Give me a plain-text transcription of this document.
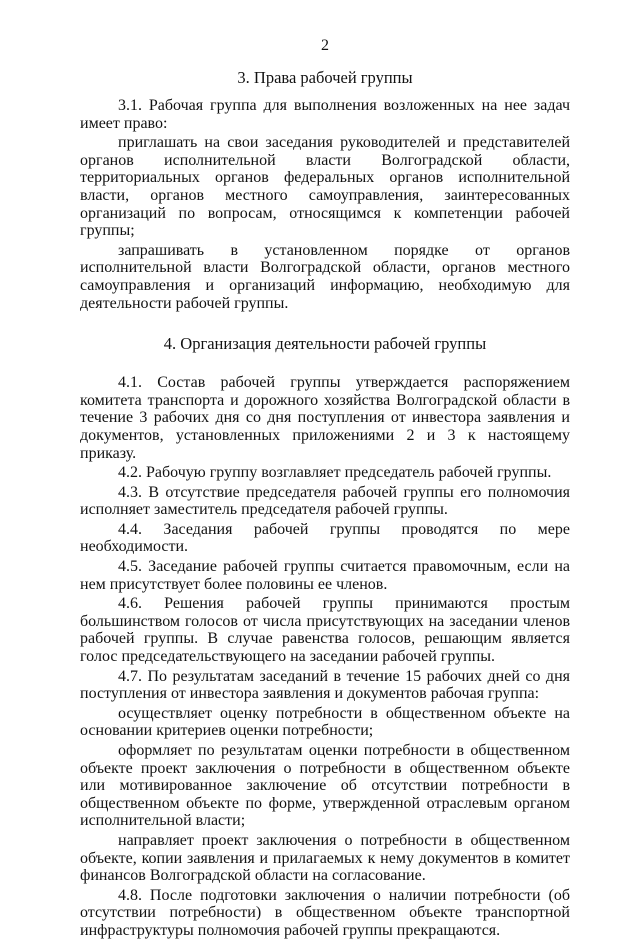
2
3. Права рабочей группы

3.1. Рабочая группа для выполнения возложенных на нее задач имеет право:

приглашать на свои заседания руководителей и представителей органов исполнительной власти Волгоградской области, территориальных органов федеральных органов исполнительной власти, органов местного самоуправления, заинтересованных организаций по вопросам, относящимся к компетенции рабочей группы;

запрашивать в установленном порядке от органов исполнительной власти Волгоградской области, органов местного самоуправления и организаций информацию, необходимую для деятельности рабочей группы.

4. Организация деятельности рабочей группы

4.1. Состав рабочей группы утверждается распоряжением комитета транспорта и дорожного хозяйства Волгоградской области в течение 3 рабочих дня со дня поступления от инвестора заявления и документов, установленных приложениями 2 и 3 к настоящему приказу.

4.2. Рабочую группу возглавляет председатель рабочей группы.

4.3. В отсутствие председателя рабочей группы его полномочия исполняет заместитель председателя рабочей группы.

4.4. Заседания рабочей группы проводятся по мере необходимости.

4.5. Заседание рабочей группы считается правомочным, если на нем присутствует более половины ее членов.

4.6. Решения рабочей группы принимаются простым большинством голосов от числа присутствующих на заседании членов рабочей группы. В случае равенства голосов, решающим является голос председательствующего на заседании рабочей группы.

4.7. По результатам заседаний в течение 15 рабочих дней со дня поступления от инвестора заявления и документов рабочая группа:

осуществляет оценку потребности в общественном объекте на основании критериев оценки потребности;

оформляет по результатам оценки потребности в общественном объекте проект заключения о потребности в общественном объекте или мотивированное заключение об отсутствии потребности в общественном объекте по форме, утвержденной отраслевым органом исполнительной власти;

направляет проект заключения о потребности в общественном объекте, копии заявления и прилагаемых к нему документов в комитет финансов Волгоградской области на согласование.

4.8. После подготовки заключения о наличии потребности (об отсутствии потребности) в общественном объекте транспортной инфраструктуры полномочия рабочей группы прекращаются.
